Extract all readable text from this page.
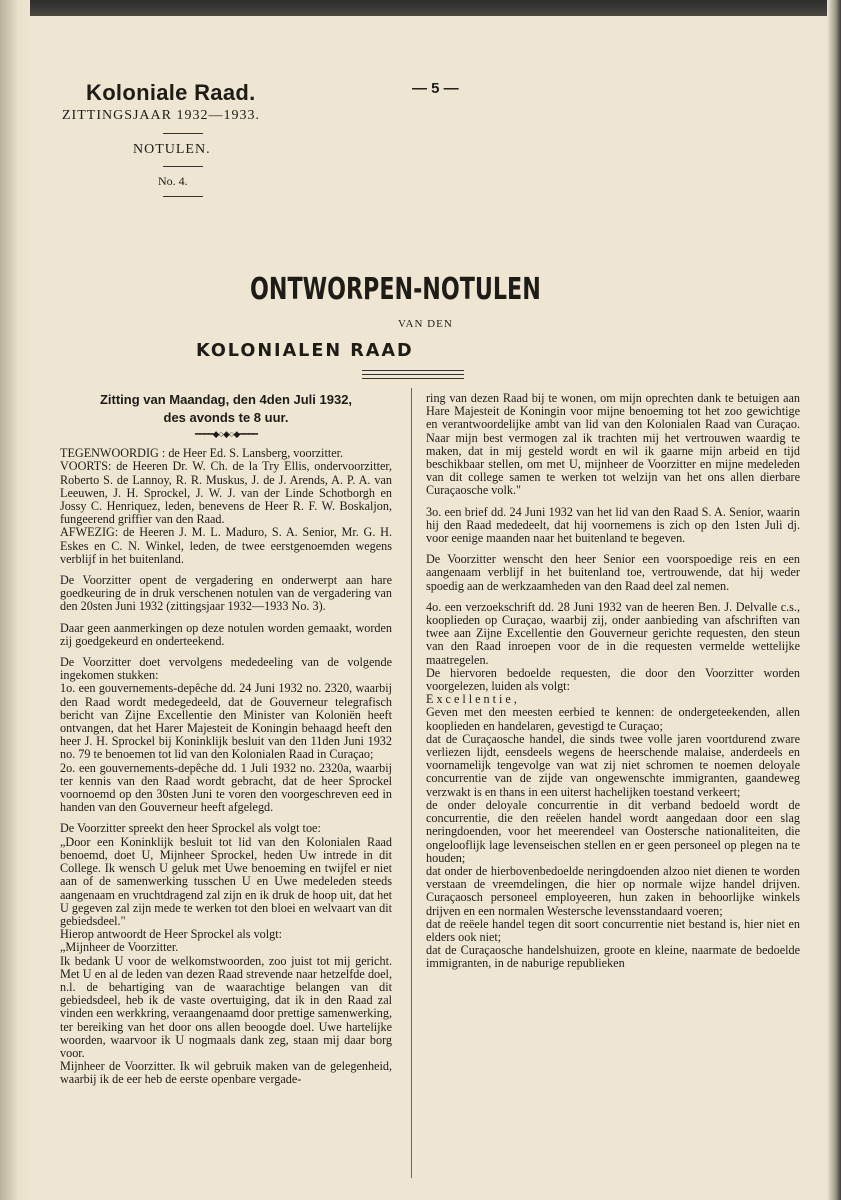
Koloniale Raad.
ZITTINGSJAAR 1932—1933.
NOTULEN.
No. 4.
— 5 —
ONTWORPEN-NOTULEN
VAN DEN
KOLONIALEN RAAD
Zitting van Maandag, den 4den Juli 1932,
des avonds te 8 uur.
━━━━◆○◆○◆━━━━

TEGENWOORDIG : de Heer Ed. S. Lansberg, voorzitter.

VOORTS: de Heeren Dr. W. Ch. de la Try Ellis, ondervoorzitter, Roberto S. de Lannoy, R. R. Muskus, J. de J. Arends, A. P. A. van Leeuwen, J. H. Sprockel, J. W. J. van der Linde Schotborgh en Jossy C. Henriquez, leden, benevens de Heer R. F. W. Boskaljon, fungeerend griffier van den Raad.

AFWEZIG: de Heeren J. M. L. Maduro, S. A. Senior, Mr. G. H. Eskes en C. N. Winkel, leden, de twee eerstgenoemden wegens verblijf in het buitenland.

De Voorzitter opent de vergadering en onderwerpt aan hare goedkeuring de in druk verschenen notulen van de vergadering van den 20sten Juni 1932 (zittingsjaar 1932—1933 No. 3).

Daar geen aanmerkingen op deze notulen worden gemaakt, worden zij goedgekeurd en onderteekend.

De Voorzitter doet vervolgens mededeeling van de volgende ingekomen stukken:

1o. een gouvernements-depêche dd. 24 Juni 1932 no. 2320, waarbij den Raad wordt medegedeeld, dat de Gouverneur telegrafisch bericht van Zijne Excellentie den Minister van Koloniën heeft ontvangen, dat het Harer Majesteit de Koningin behaagd heeft den heer J. H. Sprockel bij Koninklijk besluit van den 11den Juni 1932 no. 79 te benoemen tot lid van den Kolonialen Raad in Curaçao;

2o. een gouvernements-depêche dd. 1 Juli 1932 no. 2320a, waarbij ter kennis van den Raad wordt gebracht, dat de heer Sprockel voornoemd op den 30sten Juni te voren den voorgeschreven eed in handen van den Gouverneur heeft afgelegd.

De Voorzitter spreekt den heer Sprockel als volgt toe:

„Door een Koninklijk besluit tot lid van den Kolonialen Raad benoemd, doet U, Mijnheer Sprockel, heden Uw intrede in dit College. Ik wensch U geluk met Uwe benoeming en twijfel er niet aan of de samenwerking tusschen U en Uwe medeleden steeds aangenaam en vruchtdragend zal zijn en ik druk de hoop uit, dat het U gegeven zal zijn mede te werken tot den bloei en welvaart van dit gebiedsdeel."

Hierop antwoordt de Heer Sprockel als volgt:

„Mijnheer de Voorzitter.

Ik bedank U voor de welkomstwoorden, zoo juist tot mij gericht. Met U en al de leden van dezen Raad strevende naar hetzelfde doel, n.l. de behartiging van de waarachtige belangen van dit gebiedsdeel, heb ik de vaste overtuiging, dat ik in den Raad zal vinden een werkkring, veraangenaamd door prettige samenwerking, ter bereiking van het door ons allen beoogde doel. Uwe hartelijke woorden, waarvoor ik U nogmaals dank zeg, staan mij daar borg voor.

Mijnheer de Voorzitter. Ik wil gebruik maken van de gelegenheid, waarbij ik de eer heb de eerste openbare vergade-

ring van dezen Raad bij te wonen, om mijn oprechten dank te betuigen aan Hare Majesteit de Koningin voor mijne benoeming tot het zoo gewichtige en verantwoordelijke ambt van lid van den Kolonialen Raad van Curaçao. Naar mijn best vermogen zal ik trachten mij het vertrouwen waardig te maken, dat in mij gesteld wordt en wil ik gaarne mijn arbeid en tijd beschikbaar stellen, om met U, mijnheer de Voorzitter en mijne medeleden van dit college samen te werken tot welzijn van het ons allen dierbare Curaçaosche volk."

3o. een brief dd. 24 Juni 1932 van het lid van den Raad S. A. Senior, waarin hij den Raad mededeelt, dat hij voornemens is zich op den 1sten Juli dj. voor eenige maanden naar het buitenland te begeven.

De Voorzitter wenscht den heer Senior een voorspoedige reis en een aangenaam verblijf in het buitenland toe, vertrouwende, dat hij weder spoedig aan de werkzaamheden van den Raad deel zal nemen.

4o. een verzoekschrift dd. 28 Juni 1932 van de heeren Ben. J. Delvalle c.s., kooplieden op Curaçao, waarbij zij, onder aanbieding van afschriften van twee aan Zijne Excellentie den Gouverneur gerichte requesten, den steun van den Raad inroepen voor de in die requesten vermelde wettelijke maatregelen.

De hiervoren bedoelde requesten, die door den Voorzitter worden voorgelezen, luiden als volgt:

Excellentie,

Geven met den meesten eerbied te kennen: de ondergeteekenden, allen kooplieden en handelaren, gevestigd te Curaçao;

dat de Curaçaosche handel, die sinds twee volle jaren voortdurend zware verliezen lijdt, eensdeels wegens de heerschende malaise, anderdeels en voornamelijk tengevolge van wat zij niet schromen te noemen deloyale concurrentie van de zijde van ongewenschte immigranten, gaandeweg verzwakt is en thans in een uiterst hachelijken toestand verkeert;

de onder deloyale concurrentie in dit verband bedoeld wordt de concurrentie, die den reëelen handel wordt aangedaan door een slag neringdoenden, voor het meerendeel van Oostersche nationaliteiten, die ongelooflijk lage levenseischen stellen en er geen personeel op plegen na te houden;

dat onder de hierbovenbedoelde neringdoenden alzoo niet dienen te worden verstaan de vreemdelingen, die hier op normale wijze handel drijven. Curaçaosch personeel employeeren, hun zaken in behoorlijke winkels drijven en een normalen Westersche levensstandaard voeren;

dat de reëele handel tegen dit soort concurrentie niet bestand is, hier niet en elders ook niet;

dat de Curaçaosche handelshuizen, groote en kleine, naarmate de bedoelde immigranten, in de naburige republieken
